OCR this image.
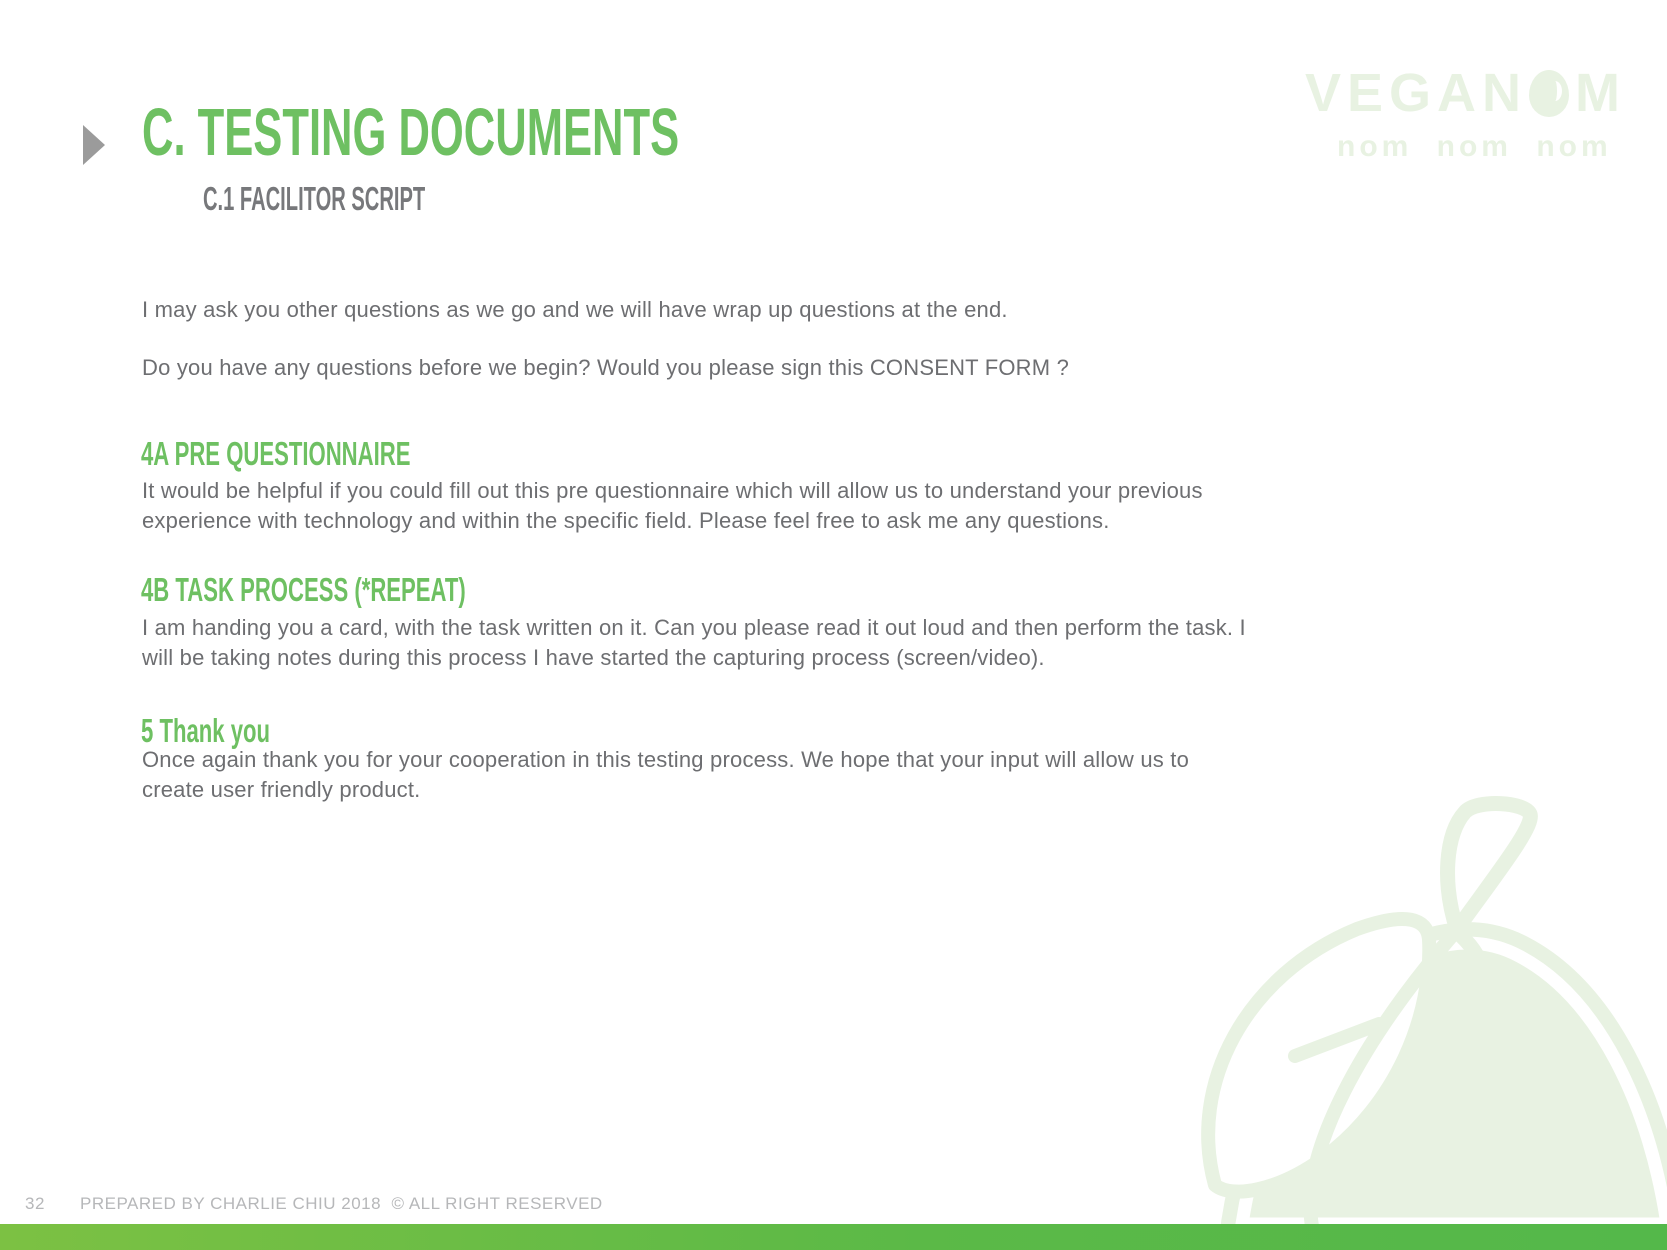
C. TESTING DOCUMENTS
C.1 FACILITOR SCRIPT
VEGAN M
nom nom nom

I may ask you other questions as we go and we will have wrap up questions at the end.

Do you have any questions before we begin? Would you please sign this CONSENT FORM ?

4A PRE QUESTIONNAIRE
It would be helpful if you could fill out this pre questionnaire which will allow us to understand your previous
experience with technology and within the specific field. Please feel free to ask me any questions.
4B TASK PROCESS (*REPEAT)
I am handing you a card, with the task written on it. Can you please read it out loud and then perform the task. I
will be taking notes during this process I have started the capturing process (screen/video).
5 Thank you
Once again thank you for your cooperation in this testing process. We hope that your input will allow us to
create user friendly product.
32 PREPARED BY CHARLIE CHIU 2018  © ALL RIGHT RESERVED
